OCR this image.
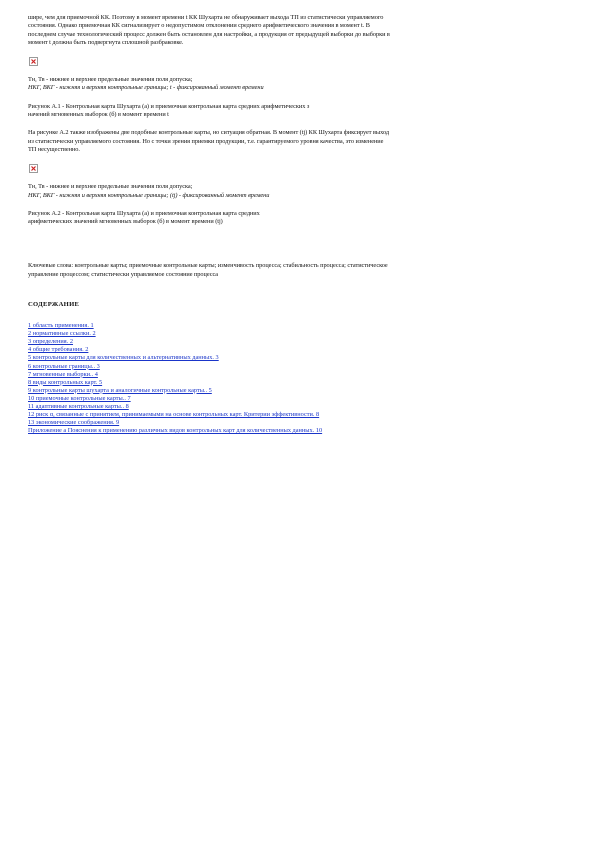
шире, чем для приемочной КК. Поэтому в момент времени t КК Шухарта не обнаруживает выхода ТП из статистически управляемого

состояния. Однако приемочная КК сигнализирует о недопустимом отклонении среднего арифметического значения в момент t. В

последнем случае технологический процесс должен быть остановлен для настройки, а продукция от предыдущей выборки до выборки в

момент t должна быть подвергнута сплошной разбраковке.

Тн, Тв - нижнее и верхнее предельные значения поля допуска;

НКГ, ВКГ - нижняя и верхняя контрольные границы; t - фиксированный момент времени

Рисунок А.1 - Контрольная карта Шухарта (а) и приемочная контрольная карта средних арифметических з

начений мгновенных выборок (б) в момент времени t

На рисунке А.2 также изображены две подобные контрольные карты, но ситуация обратная. В момент (tj) КК Шухарта фиксирует выход

из статистически управляемого состояния. Но с точки зрения приемки продукции, т.е. гарантируемого уровня качества, это изменение

ТП несущественно.

Тн, Тв - нижнее и верхнее предельные значения поля допуска;

НКГ, ВКГ - нижняя и верхняя контрольные границы; (tj) - фиксированный момент времени

Рисунок А.2 - Контрольная карта Шухарта (а) и приемочная контрольная карта средних

арифметических значений мгновенных выборок (б) в момент времени (tj)

Ключевые слова: контрольные карты; приемочные контрольные карты; изменчивость процесса; стабильность процесса; статистическое

управление процессом; статистически управляемое состояние процесса

СОДЕРЖАНИЕ

1 область применения. 1
2 нормативные ссылки. 2
3 определения. 2
4 общие требования. 2
5 контрольные карты для количественных и альтернативных данных. 3
6 контрольные границы.. 3
7 мгновенные выборки.. 4
8 виды контрольных карт. 5
9 контрольные карты шухарта и аналогичные контрольные карты.. 5
10 приемочные контрольные карты.. 7
11 адаптивные контрольные карты.. 8
12 риск α, связанные с принятием, принимаемыми на основе контрольных карт. Критерии эффективности. 8
13 экономические соображения. 9
Приложение а Пояснения к применению различных видов контрольных карт для количественных данных. 10
